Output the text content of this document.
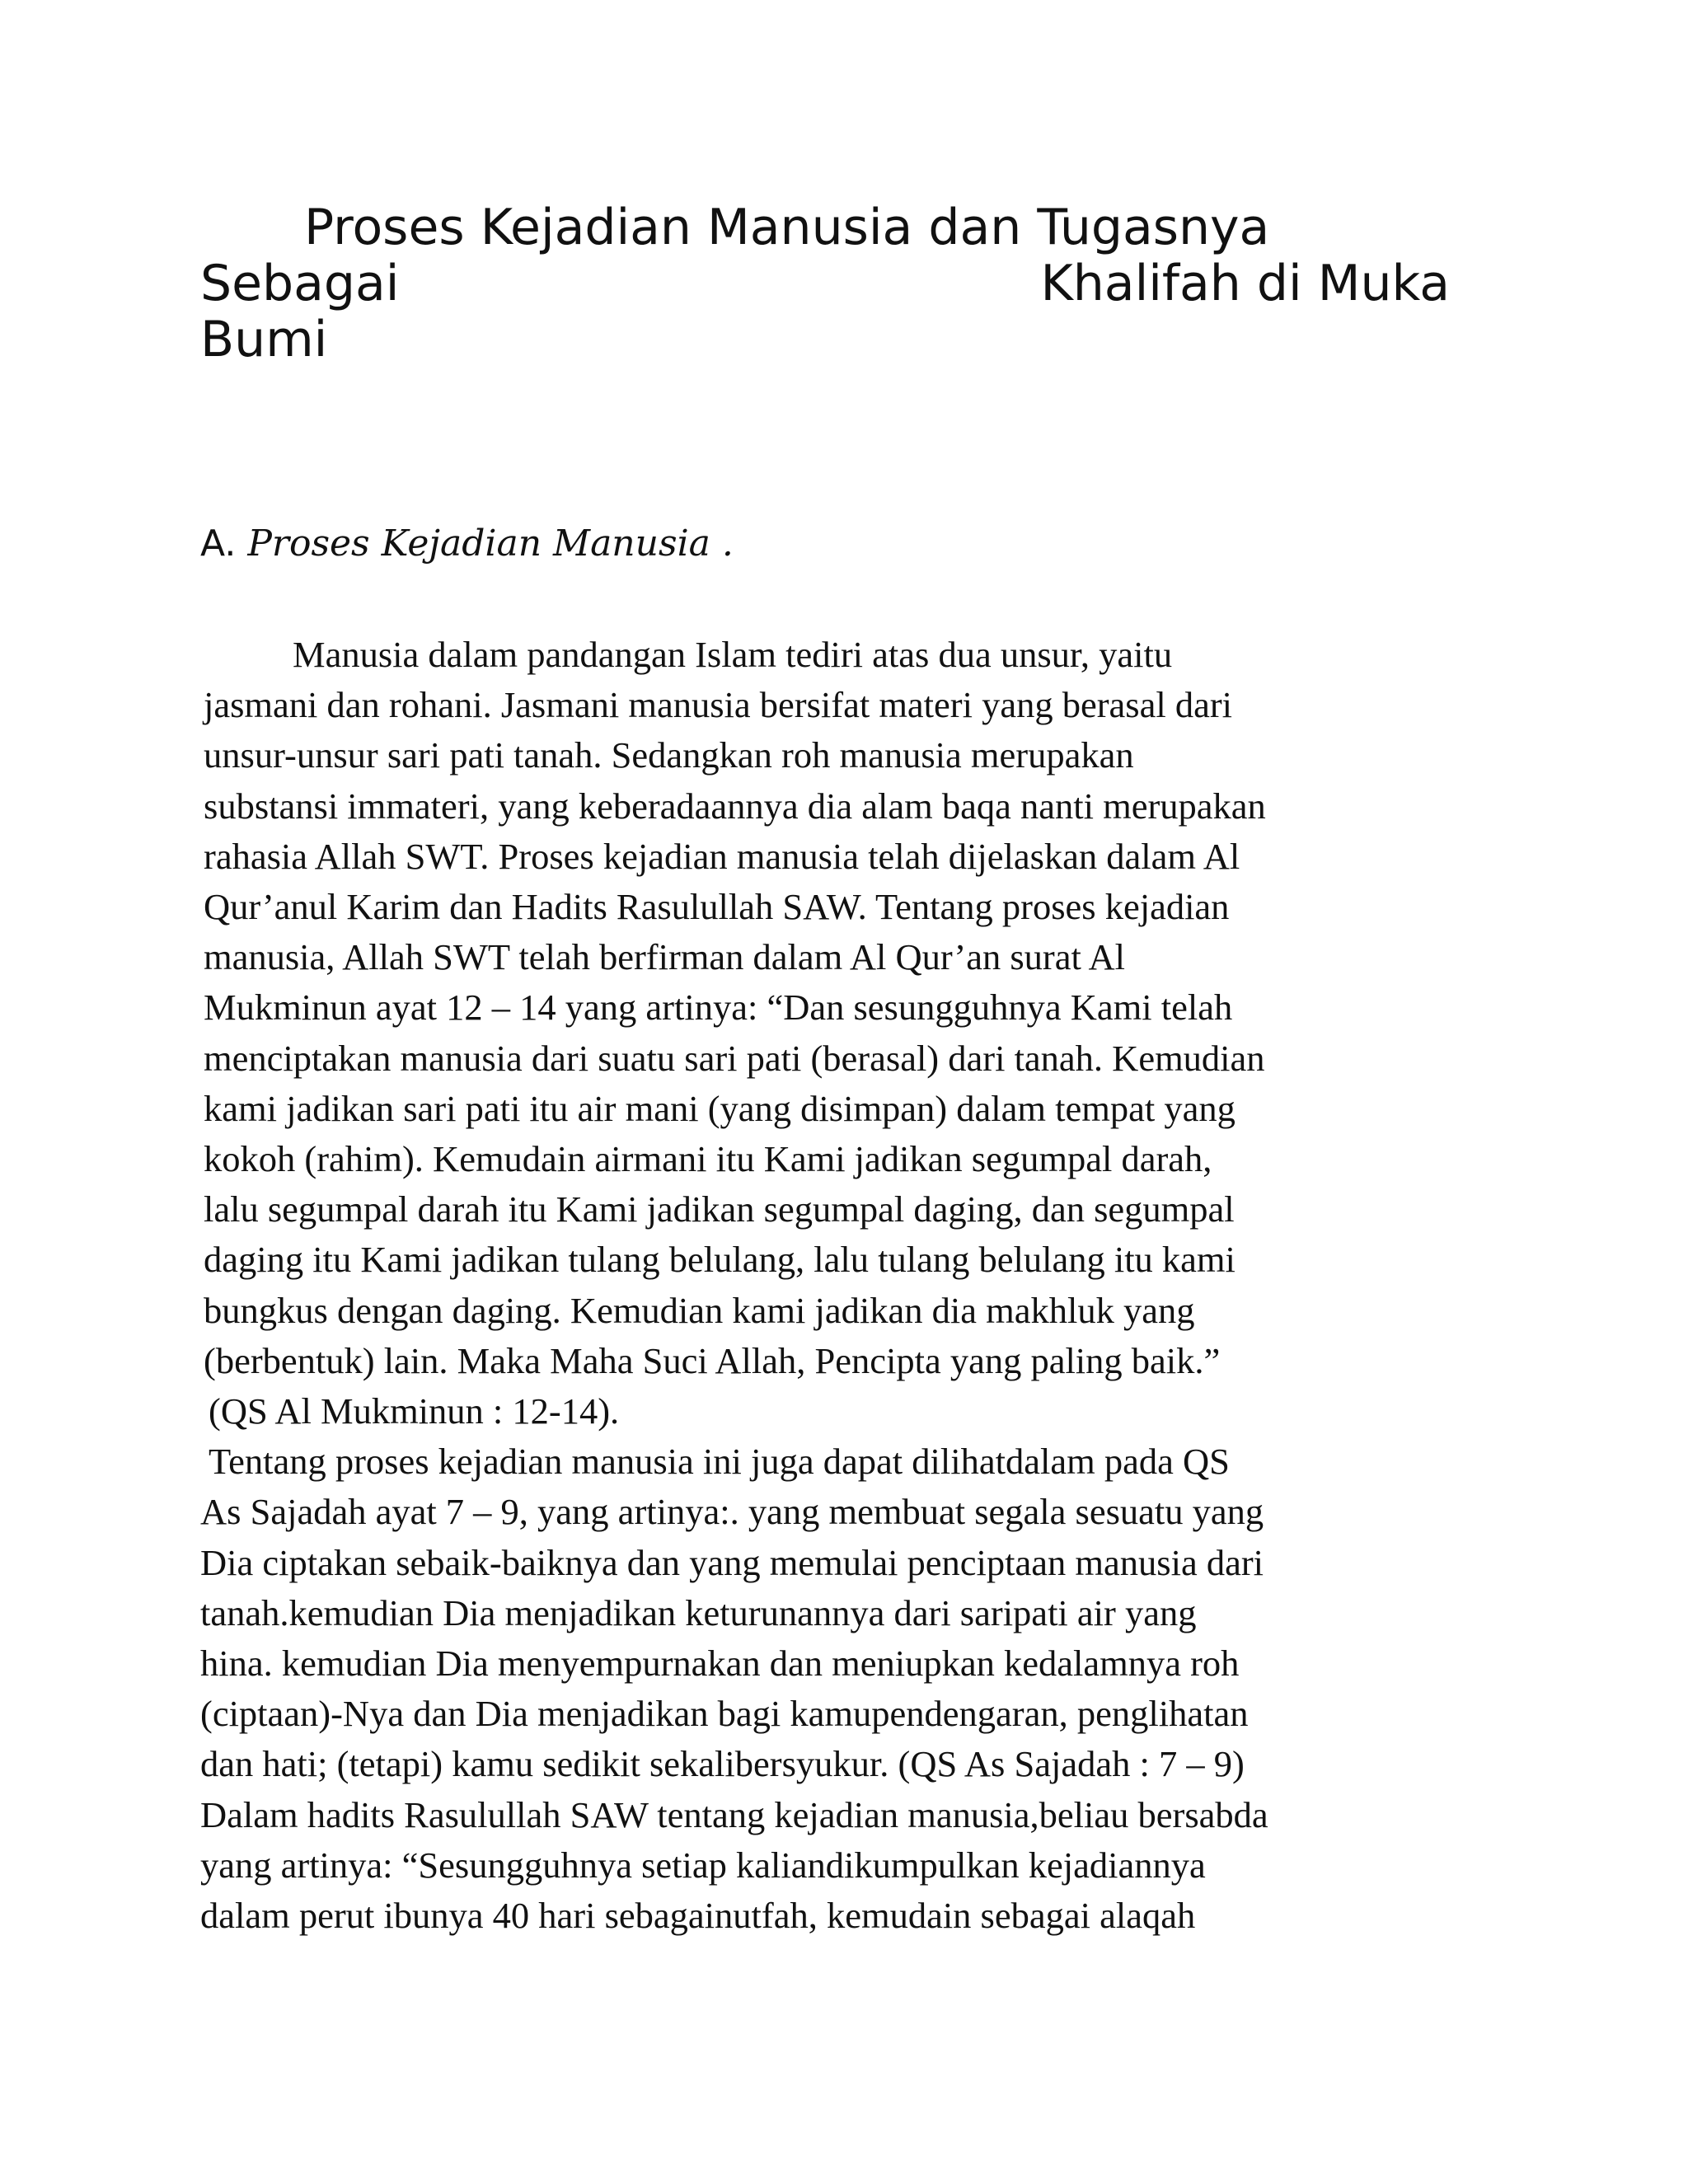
Proses Kejadian Manusia dan Tugasnya
Sebagai	Khalifah di Muka
Bumi
A. Proses Kejadian Manusia .
Manusia dalam pandangan Islam tediri atas dua unsur, yaitu
jasmani dan rohani. Jasmani manusia bersifat materi yang berasal dari
unsur-unsur sari pati tanah. Sedangkan roh manusia merupakan
substansi immateri, yang keberadaannya dia alam baqa nanti merupakan
rahasia Allah SWT. Proses kejadian manusia telah dijelaskan dalam Al
Qur’anul Karim dan Hadits Rasulullah SAW. Tentang proses kejadian
manusia, Allah SWT telah berfirman dalam Al Qur’an surat Al
Mukminun ayat 12 – 14 yang artinya: “Dan sesungguhnya Kami telah
menciptakan manusia dari suatu sari pati (berasal) dari tanah. Kemudian
kami jadikan sari pati itu air mani (yang disimpan) dalam tempat yang
kokoh (rahim). Kemudain airmani itu Kami jadikan segumpal darah,
lalu segumpal darah itu Kami jadikan segumpal daging, dan segumpal
daging itu Kami jadikan tulang belulang, lalu tulang belulang itu kami
bungkus dengan daging. Kemudian kami jadikan dia makhluk yang
(berbentuk) lain. Maka Maha Suci Allah, Pencipta yang paling baik.”
(QS Al Mukminun : 12-14).
Tentang proses kejadian manusia ini juga dapat dilihatdalam pada QS
As Sajadah ayat 7 – 9, yang artinya:. yang membuat segala sesuatu yang
Dia ciptakan sebaik-baiknya dan yang memulai penciptaan manusia dari
tanah.kemudian Dia menjadikan keturunannya dari saripati air yang
hina. kemudian Dia menyempurnakan dan meniupkan kedalamnya roh
(ciptaan)-Nya dan Dia menjadikan bagi kamupendengaran, penglihatan
dan hati; (tetapi) kamu sedikit sekalibersyukur. (QS As Sajadah : 7 – 9)
Dalam hadits Rasulullah SAW tentang kejadian manusia,beliau bersabda
yang artinya: “Sesungguhnya setiap kaliandikumpulkan kejadiannya
dalam perut ibunya 40 hari sebagainutfah, kemudain sebagai alaqah
